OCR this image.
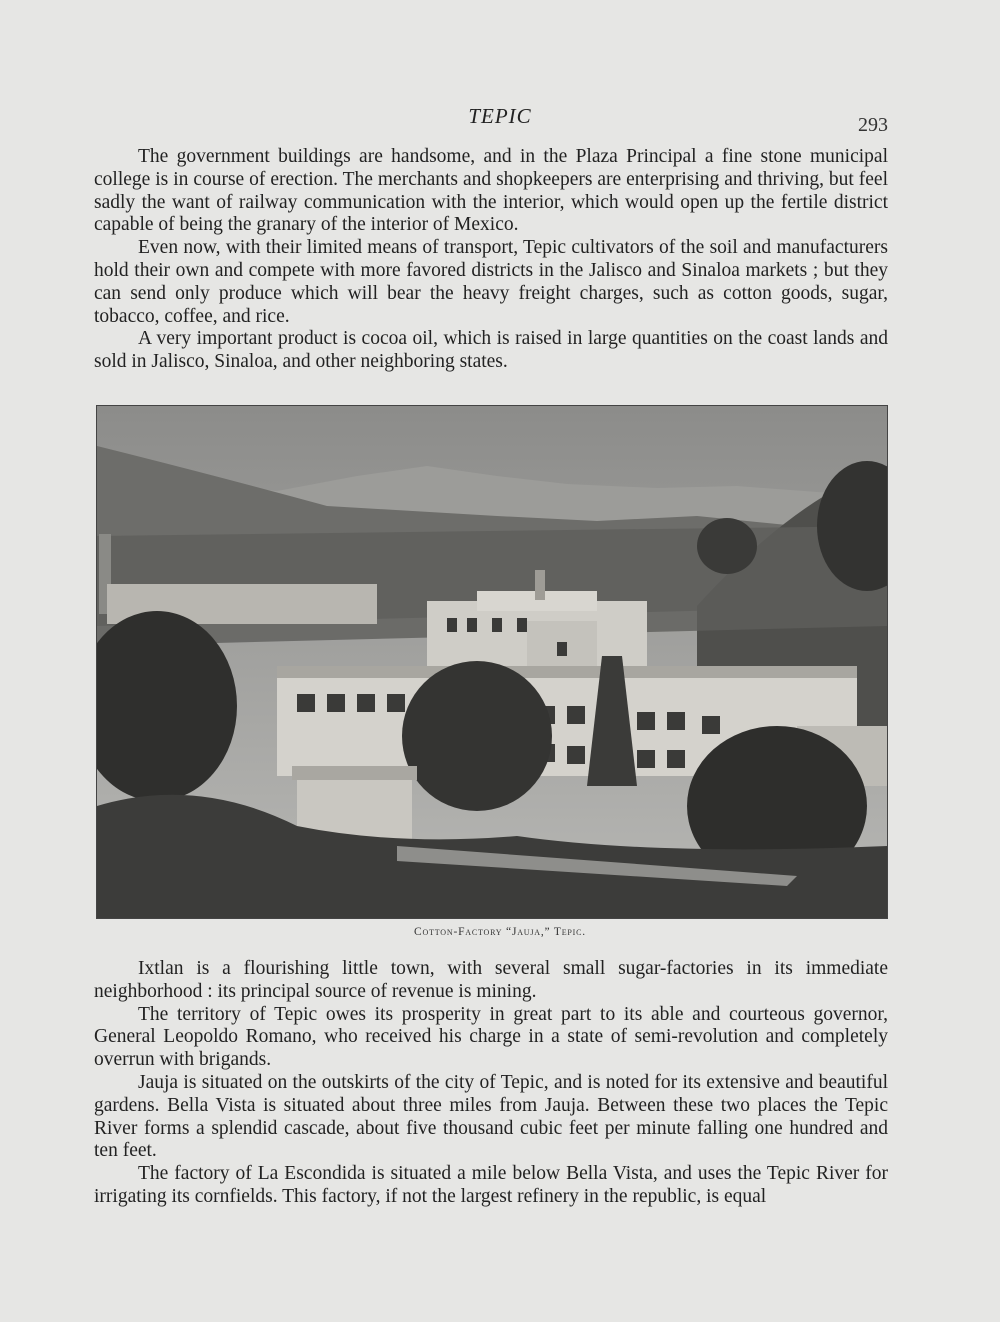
TEPIC	293

The government buildings are handsome, and in the Plaza Principal a fine stone municipal college is in course of erection. The merchants and shopkeepers are enterprising and thriving, but feel sadly the want of railway communication with the interior, which would open up the fertile district capable of being the granary of the interior of Mexico.

Even now, with their limited means of transport, Tepic cultivators of the soil and manufacturers hold their own and compete with more favored districts in the Jalisco and Sinaloa markets ; but they can send only produce which will bear the heavy freight charges, such as cotton goods, sugar, tobacco, coffee, and rice.

A very important product is cocoa oil, which is raised in large quantities on the coast lands and sold in Jalisco, Sinaloa, and other neighboring states.

Cotton-Factory “Jauja,” Tepic.

Ixtlan is a flourishing little town, with several small sugar-factories in its immediate neighborhood : its principal source of revenue is mining.

The territory of Tepic owes its prosperity in great part to its able and courteous governor, General Leopoldo Romano, who received his charge in a state of semi-revolution and completely overrun with brigands.

Jauja is situated on the outskirts of the city of Tepic, and is noted for its extensive and beautiful gardens. Bella Vista is situated about three miles from Jauja. Between these two places the Tepic River forms a splendid cascade, about five thousand cubic feet per minute falling one hundred and ten feet.

The factory of La Escondida is situated a mile below Bella Vista, and uses the Tepic River for irrigating its cornfields. This factory, if not the largest refinery in the republic, is equal
